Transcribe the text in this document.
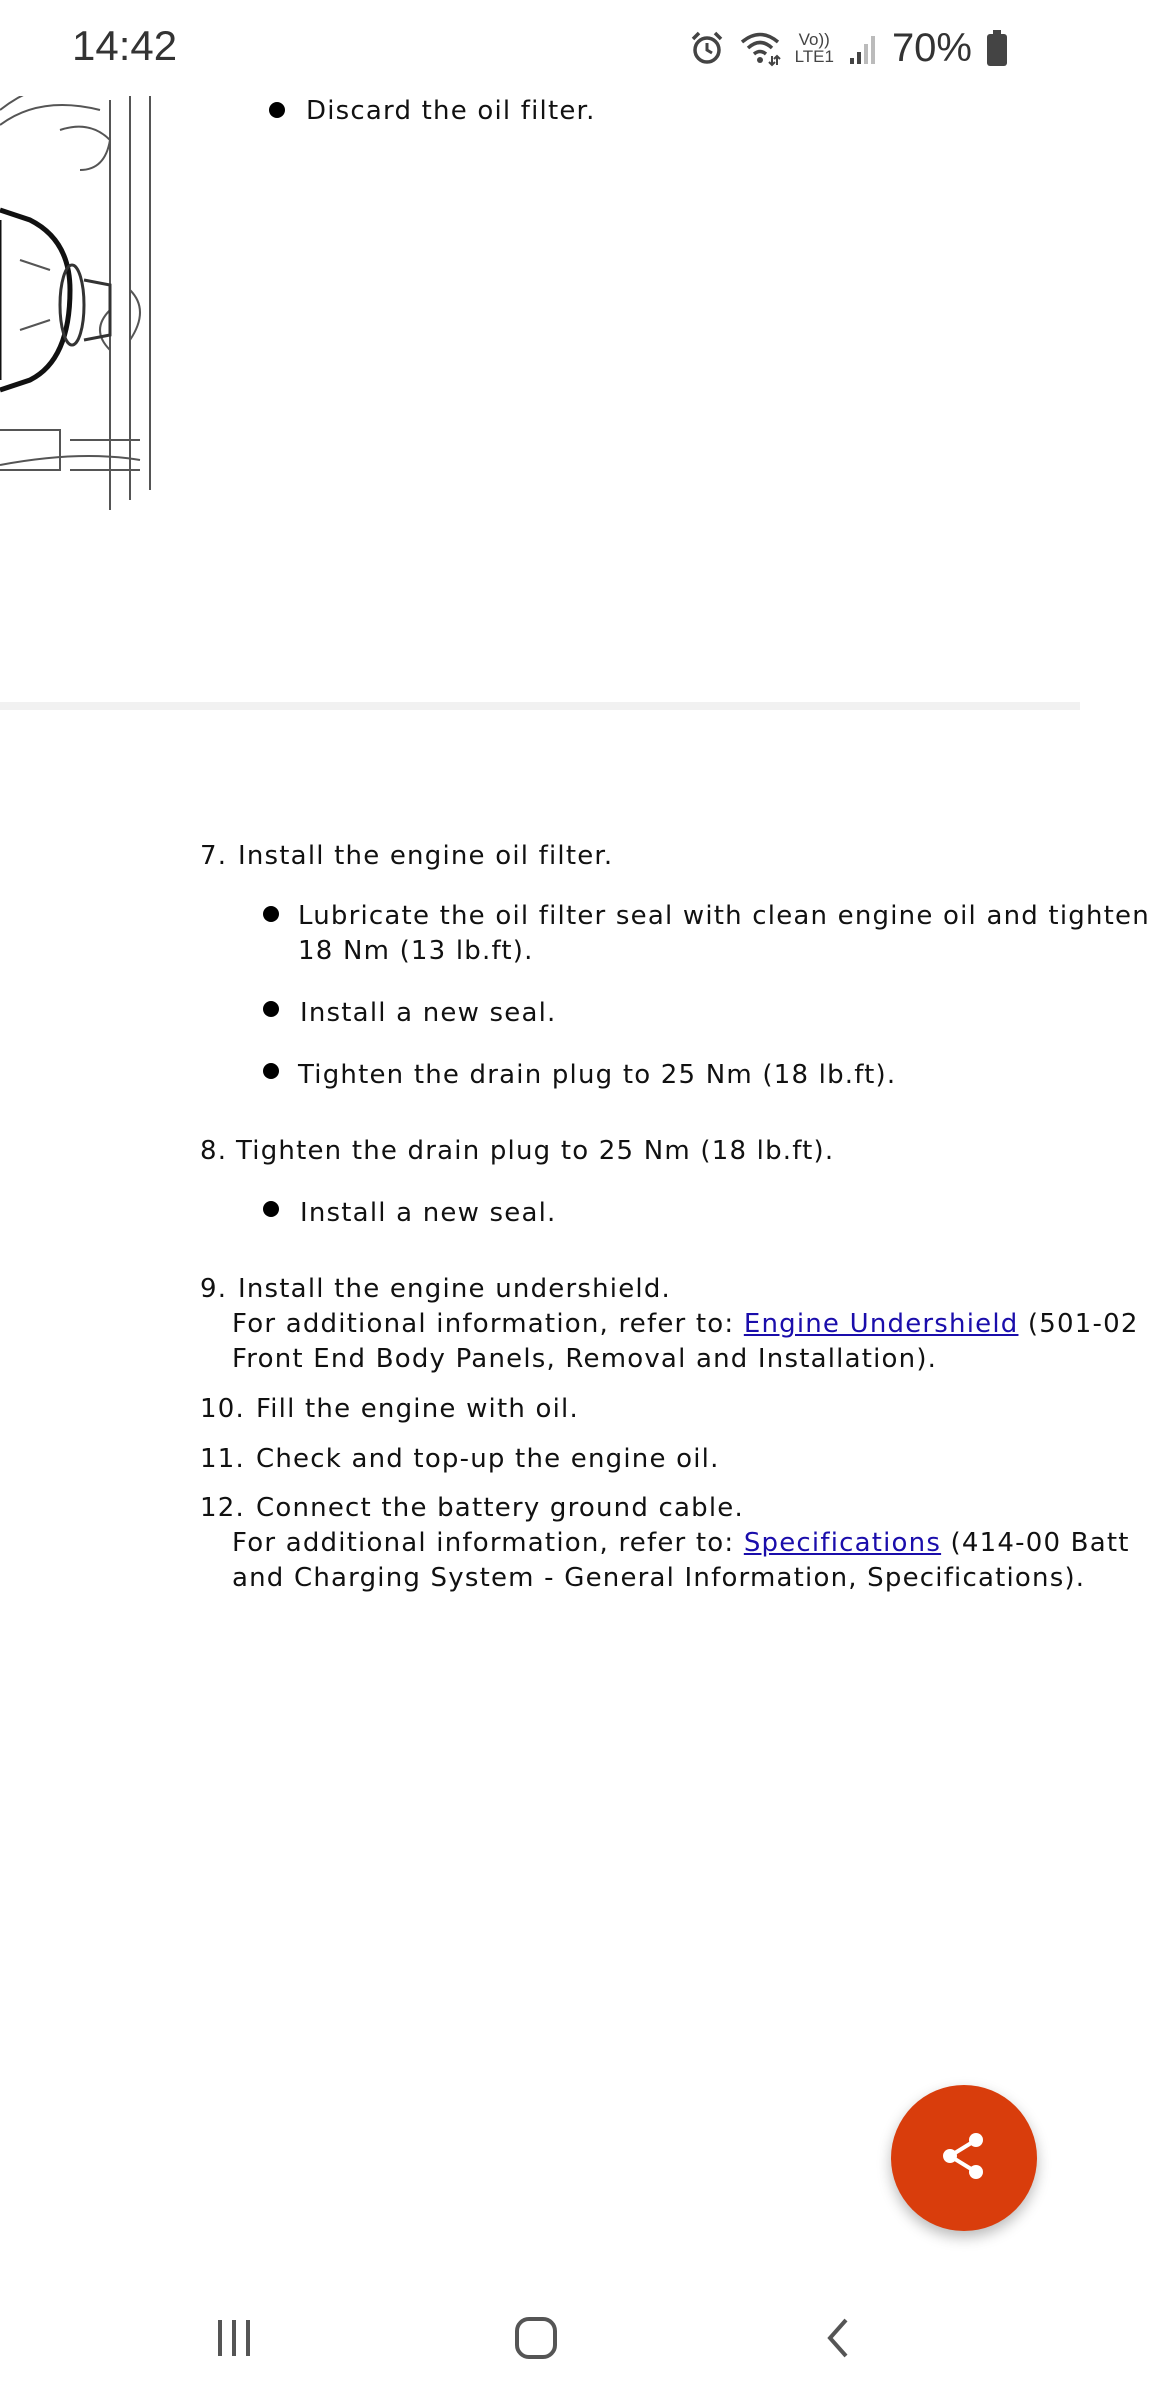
14:42	Vo))
LTE1 70%
Discard the oil filter.
7. Install the engine oil filter.
Lubricate the oil filter seal with clean engine oil and tighten
18 Nm (13 lb.ft).
Install a new seal.
Tighten the drain plug to 25 Nm (18 lb.ft).
8. Tighten the drain plug to 25 Nm (18 lb.ft).
Install a new seal.
9. Install the engine undershield.
For additional information, refer to: Engine Undershield (501-02
Front End Body Panels, Removal and Installation).
10. Fill the engine with oil.
11. Check and top-up the engine oil.
12. Connect the battery ground cable.
For additional information, refer to: Specifications (414-00 Batt
and Charging System - General Information, Specifications).
